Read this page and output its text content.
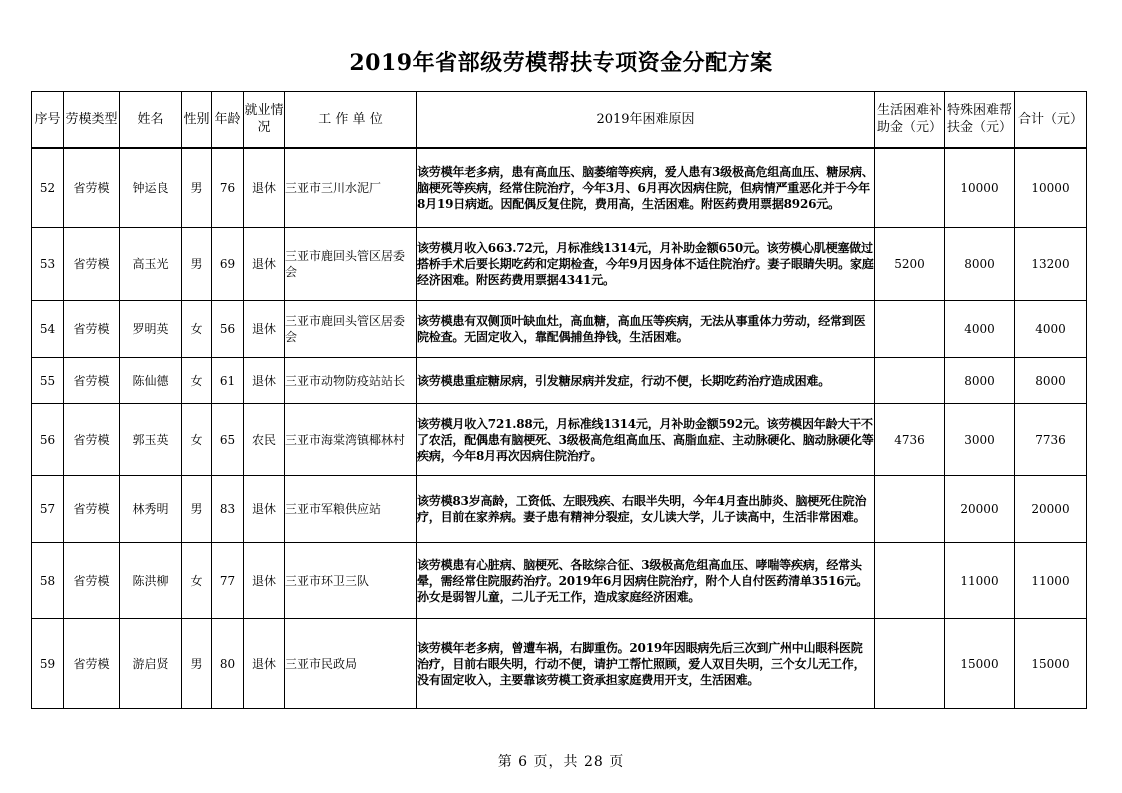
2019年省部级劳模帮扶专项资金分配方案
序号	劳模类型	姓名	性别	年龄	就业情况	工 作 单 位	2019年困难原因	生活困难补助金（元）	特殊困难帮扶金（元）	合计（元）
52	省劳模	钟运良	男	76	退休	三亚市三川水泥厂	该劳模年老多病，患有高血压、脑萎缩等疾病，爱人患有3级极高危组高血压、糖尿病、脑梗死等疾病，经常住院治疗，今年3月、6月再次因病住院，但病情严重恶化并于今年8月19日病逝。因配偶反复住院，费用高，生活困难。附医药费用票据8926元。		10000	10000
53	省劳模	高玉光	男	69	退休	三亚市鹿回头管区居委会	该劳模月收入663.72元，月标准线1314元，月补助金额650元。该劳模心肌梗塞做过搭桥手术后要长期吃药和定期检查，今年9月因身体不适住院治疗。妻子眼睛失明。家庭经济困难。附医药费用票据4341元。	5200	8000	13200
54	省劳模	罗明英	女	56	退休	三亚市鹿回头管区居委会	该劳模患有双侧顶叶缺血灶，高血糖，高血压等疾病，无法从事重体力劳动，经常到医院检查。无固定收入，靠配偶捕鱼挣钱，生活困难。		4000	4000
55	省劳模	陈仙德	女	61	退休	三亚市动物防疫站站长	该劳模患重症糖尿病，引发糖尿病并发症，行动不便，长期吃药治疗造成困难。		8000	8000
56	省劳模	郭玉英	女	65	农民	三亚市海棠湾镇椰林村	该劳模月收入721.88元，月标准线1314元，月补助金额592元。该劳模因年龄大干不了农活，配偶患有脑梗死、3级极高危组高血压、高脂血症、主动脉硬化、脑动脉硬化等疾病，今年8月再次因病住院治疗。	4736	3000	7736
57	省劳模	林秀明	男	83	退休	三亚市军粮供应站	该劳模83岁高龄，工资低、左眼残疾、右眼半失明，今年4月查出肺炎、脑梗死住院治疗，目前在家养病。妻子患有精神分裂症，女儿读大学，儿子读高中，生活非常困难。		20000	20000
58	省劳模	陈洪柳	女	77	退休	三亚市环卫三队	该劳模患有心脏病、脑梗死、各眩综合征、3级极高危组高血压、哮喘等疾病，经常头晕，需经常住院服药治疗。2019年6月因病住院治疗，附个人自付医药清单3516元。孙女是弱智儿童，二儿子无工作，造成家庭经济困难。		11000	11000
59	省劳模	游启贤	男	80	退休	三亚市民政局	该劳模年老多病，曾遭车祸，右脚重伤。2019年因眼病先后三次到广州中山眼科医院治疗，目前右眼失明，行动不便，请护工帮忙照顾，爱人双目失明，三个女儿无工作，没有固定收入，主要靠该劳模工资承担家庭费用开支，生活困难。		15000	15000
第 6 页，共 28 页
